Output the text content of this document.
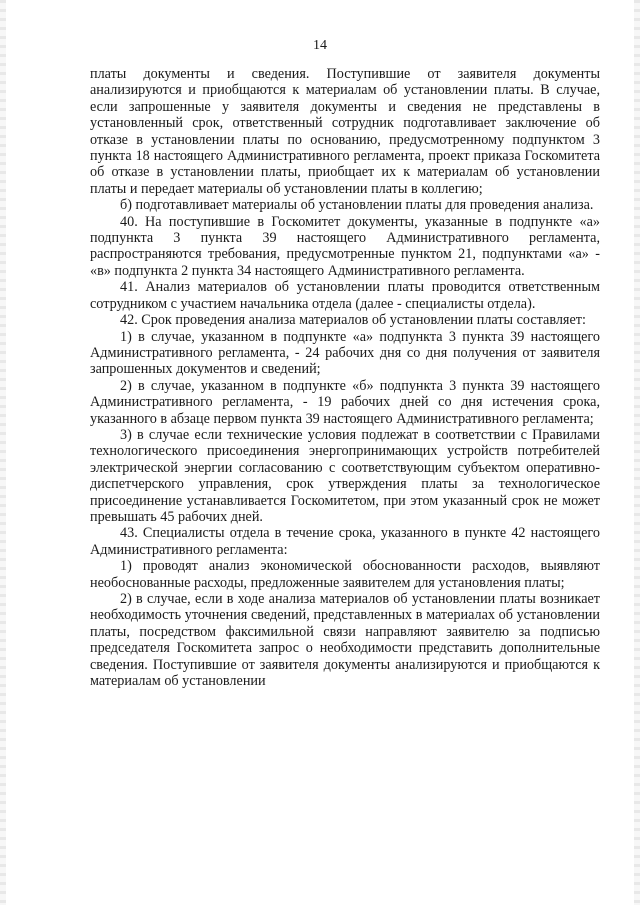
14

платы документы и сведения. Поступившие от заявителя документы анализируются и приобщаются к материалам об установлении платы. В случае, если запрошенные у заявителя документы и сведения не представлены в установленный срок, ответственный сотрудник подготавливает заключение об отказе в установлении платы по основанию, предусмотренному подпунктом 3 пункта 18 настоящего Административного регламента, проект приказа Госкомитета об отказе в установлении платы, приобщает их к материалам об установлении платы и передает материалы об установлении платы в коллегию;

б) подготавливает материалы об установлении платы для проведения анализа.

40. На поступившие в Госкомитет документы, указанные в подпункте «а» подпункта 3 пункта 39 настоящего Административного регламента, распространяются требования, предусмотренные пунктом 21, подпунктами «а» - «в» подпункта 2 пункта 34 настоящего Административного регламента.

41. Анализ материалов об установлении платы проводится ответственным сотрудником с участием начальника отдела (далее - специалисты отдела).

42. Срок проведения анализа материалов об установлении платы составляет:

1) в случае, указанном в подпункте «а» подпункта 3 пункта 39 настоящего Административного регламента, - 24 рабочих дня со дня получения от заявителя запрошенных документов и сведений;

2) в случае, указанном в подпункте «б» подпункта 3 пункта 39 настоящего Административного регламента, - 19 рабочих дней со дня истечения срока, указанного в абзаце первом пункта 39 настоящего Административного регламента;

3) в случае если технические условия подлежат в соответствии с Правилами технологического присоединения энергопринимающих устройств потребителей электрической энергии согласованию с соответствующим субъектом оперативно-диспетчерского управления, срок утверждения платы за технологическое присоединение устанавливается Госкомитетом, при этом указанный срок не может превышать 45 рабочих дней.

43. Специалисты отдела в течение срока, указанного в пункте 42 настоящего Административного регламента:

1) проводят анализ экономической обоснованности расходов, выявляют необоснованные расходы, предложенные заявителем для установления платы;

2) в случае, если в ходе анализа материалов об установлении платы возникает необходимость уточнения сведений, представленных в материалах об установлении платы, посредством факсимильной связи направляют заявителю за подписью председателя Госкомитета запрос о необходимости представить дополнительные сведения. Поступившие от заявителя документы анализируются и приобщаются к материалам об установлении
